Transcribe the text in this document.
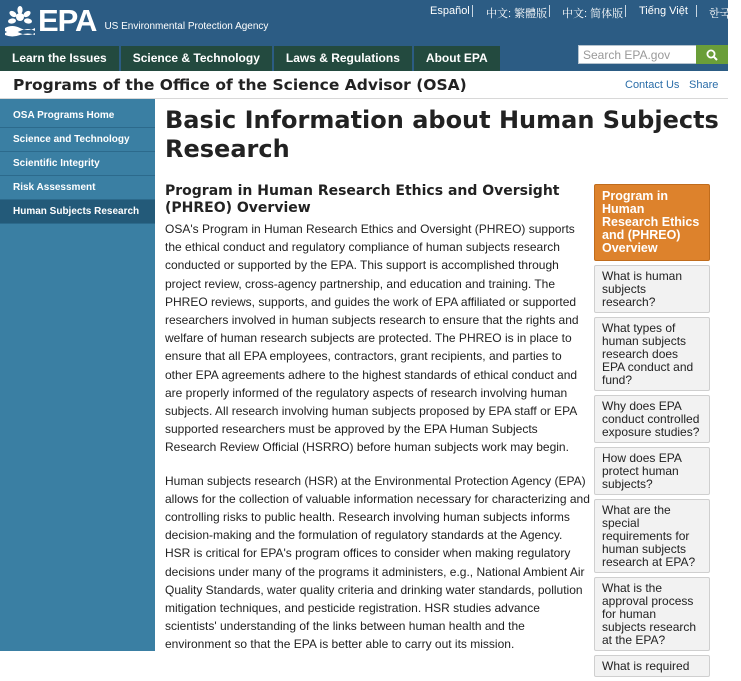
EPA US Environmental Protection Agency
Español 中文: 繁體版 中文: 简体版 Tiếng Việt 한국어
Learn the Issues	Science & Technology	Laws & Regulations	About EPA
Search EPA.gov
Programs of the Office of the Science Advisor (OSA)	Contact Us Share
OSA Programs Home
Science and Technology
Scientific Integrity
Risk Assessment
Human Subjects Research
Basic Information about Human Subjects Research
Program in Human Research Ethics and Oversight (PHREO) Overview

OSA's Program in Human Research Ethics and Oversight (PHREO) supports the ethical conduct and regulatory compliance of human subjects research conducted or supported by the EPA. This support is accomplished through project review, cross-agency partnership, and education and training. The PHREO reviews, supports, and guides the work of EPA affiliated or supported researchers involved in human subjects research to ensure that the rights and welfare of human research subjects are protected. The PHREO is in place to ensure that all EPA employees, contractors, grant recipients, and parties to other EPA agreements adhere to the highest standards of ethical conduct and are properly informed of the regulatory aspects of research involving human subjects. All research involving human subjects proposed by EPA staff or EPA supported researchers must be approved by the EPA Human Subjects Research Review Official (HSRRO) before human subjects work may begin.

Human subjects research (HSR) at the Environmental Protection Agency (EPA) allows for the collection of valuable information necessary for characterizing and controlling risks to public health. Research involving human subjects informs decision-making and the formulation of regulatory standards at the Agency. HSR is critical for EPA's program offices to consider when making regulatory decisions under many of the programs it administers, e.g., National Ambient Air Quality Standards, water quality criteria and drinking water standards, pollution mitigation techniques, and pesticide registration. HSR studies advance scientists' understanding of the links between human health and the environment so that the EPA is better able to carry out its mission.

Program in Human Research Ethics and (PHREO) Overview
What is human subjects research?
What types of human subjects research does EPA conduct and fund?
Why does EPA conduct controlled exposure studies?
How does EPA protect human subjects?
What are the special requirements for human subjects research at EPA?
What is the approval process for human subjects research at the EPA?
What is required
